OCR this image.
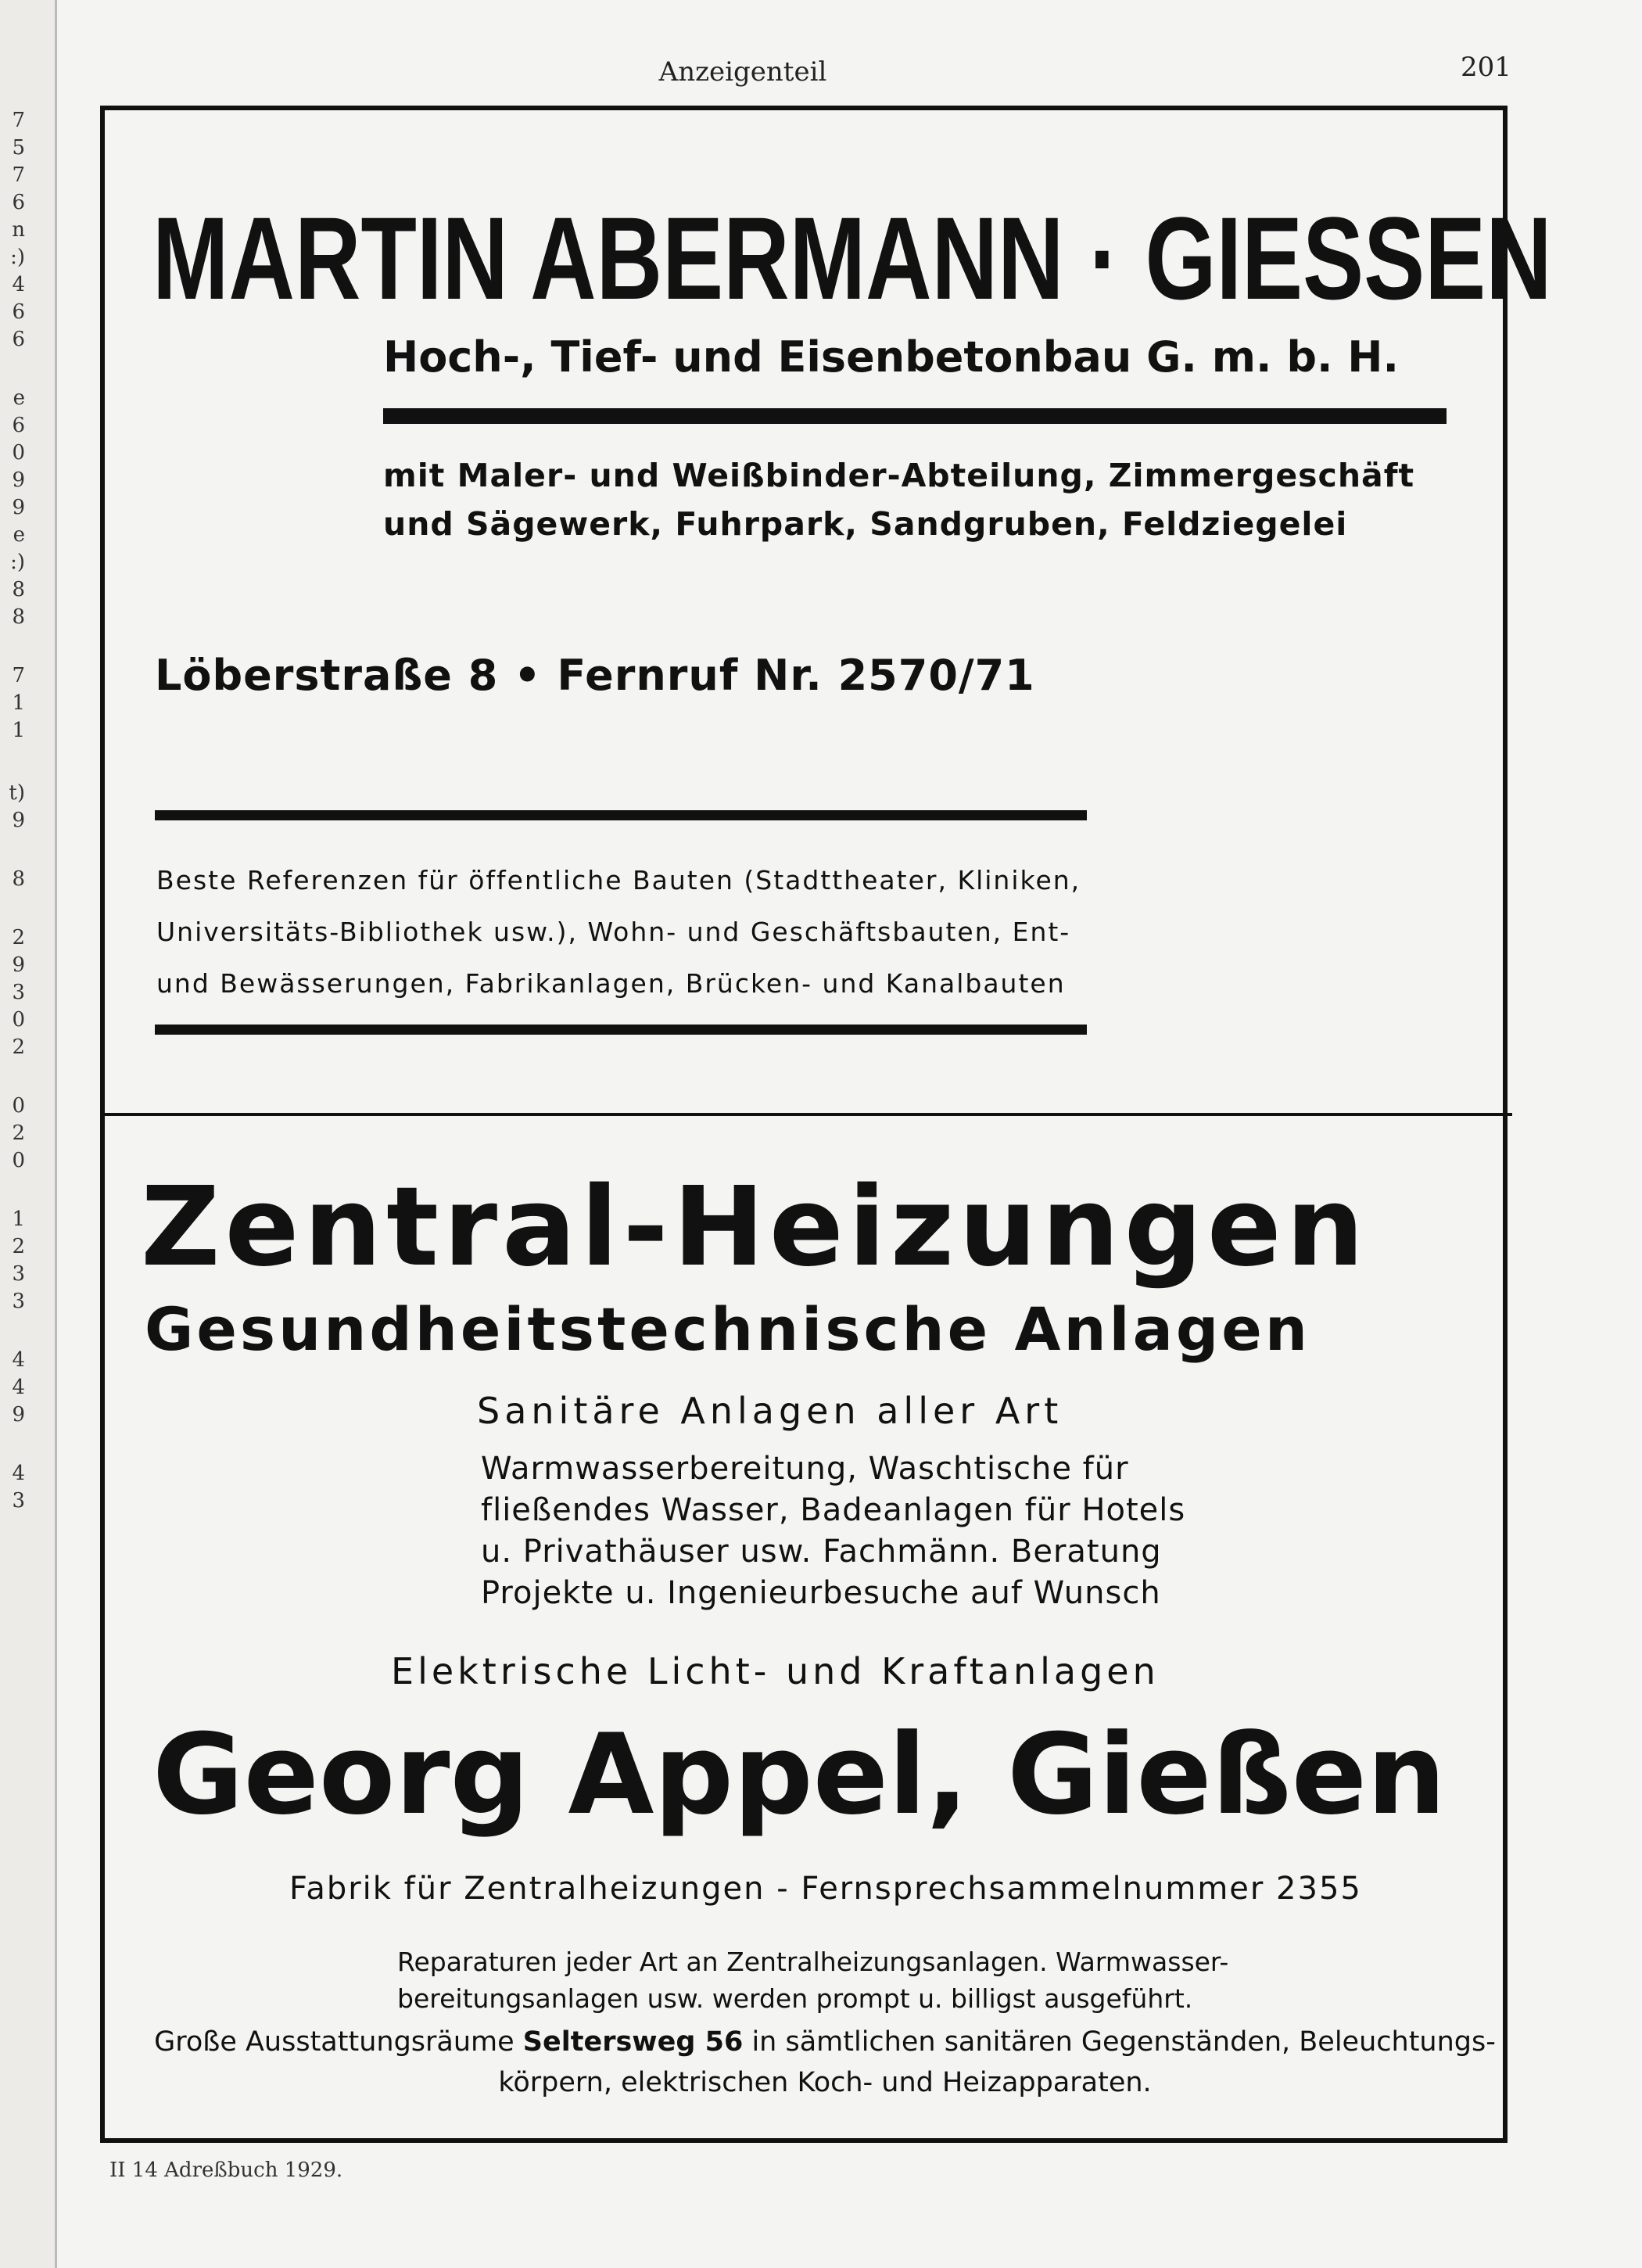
7
5
7
6
n
:)
4
6
6
e
6
0
9
9
e
:)
8
8
7
1
1
t)
9
8
2
9
3
0
2
0
2
0
1
2
3
3
4
4
9
4
3
Anzeigenteil	201
MARTIN ABERMANN · GIESSEN
Hoch-, Tief- und Eisenbetonbau G. m. b. H.
mit Maler- und Weißbinder-Abteilung, Zimmergeschäft
und Sägewerk, Fuhrpark, Sandgruben, Feldziegelei
Löberstraße 8 • Fernruf Nr. 2570/71
Beste Referenzen für öffentliche Bauten (Stadttheater, Kliniken,
Universitäts-Bibliothek usw.), Wohn- und Geschäftsbauten, Ent-
und Bewässerungen, Fabrikanlagen, Brücken- und Kanalbauten
Zentral-Heizungen
Gesundheitstechnische Anlagen
Sanitäre Anlagen aller Art
Warmwasserbereitung, Waschtische für
fließendes Wasser, Badeanlagen für Hotels
u. Privathäuser usw. Fachmänn. Beratung
Projekte u. Ingenieurbesuche auf Wunsch
Elektrische Licht- und Kraftanlagen
Georg Appel, Gießen
Fabrik für Zentralheizungen - Fernsprechsammelnummer 2355
Reparaturen jeder Art an Zentralheizungsanlagen. Warmwasser-
bereitungsanlagen usw. werden prompt u. billigst ausgeführt.
Große Ausstattungsräume Seltersweg 56 in sämtlichen sanitären Gegenständen, Beleuchtungs-
körpern, elektrischen Koch- und Heizapparaten.
II 14 Adreßbuch 1929.
